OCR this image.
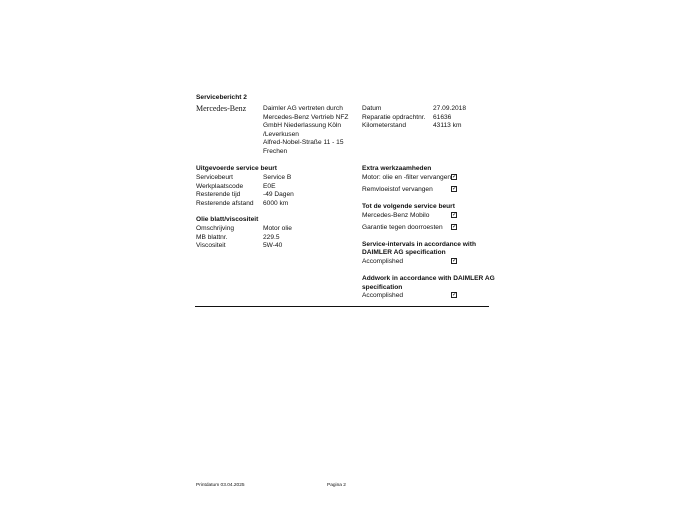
Servicebericht 2
Mercedes-Benz	Daimler AG vertreten durch
Mercedes-Benz Vertrieb NFZ
GmbH Niederlassung Köln
/Leverkusen
Alfred-Nobel-Straße 11 - 15
Frechen
Datum	27.09.2018
Reparatie opdrachtnr. 61636
Kilometerstand	43113 km
Uitgevoerde service beurt
Servicebeurt	Service B
Werkplaatscode	E0E
Resterende tijd	-49 Dagen
Resterende afstand 6000 km
Olie blatt/viscositeit
Omschrijving	Motor olie
MB blattnr.	229.5
Viscositeit	5W-40
Extra werkzaamheden
Motor: olie en -filter vervangen ✓
Remvloeistof vervangen	✓
Tot de volgende service beurt
Mercedes-Benz Mobilo	✓
Garantie tegen doorroesten ✓
Service-intervals in accordance with
DAIMLER AG specification
Accomplished	✓
Addwork in accordance with DAIMLER AG
specification
Accomplished	✓
Printdatum 03.04.2025	Pagina 2
